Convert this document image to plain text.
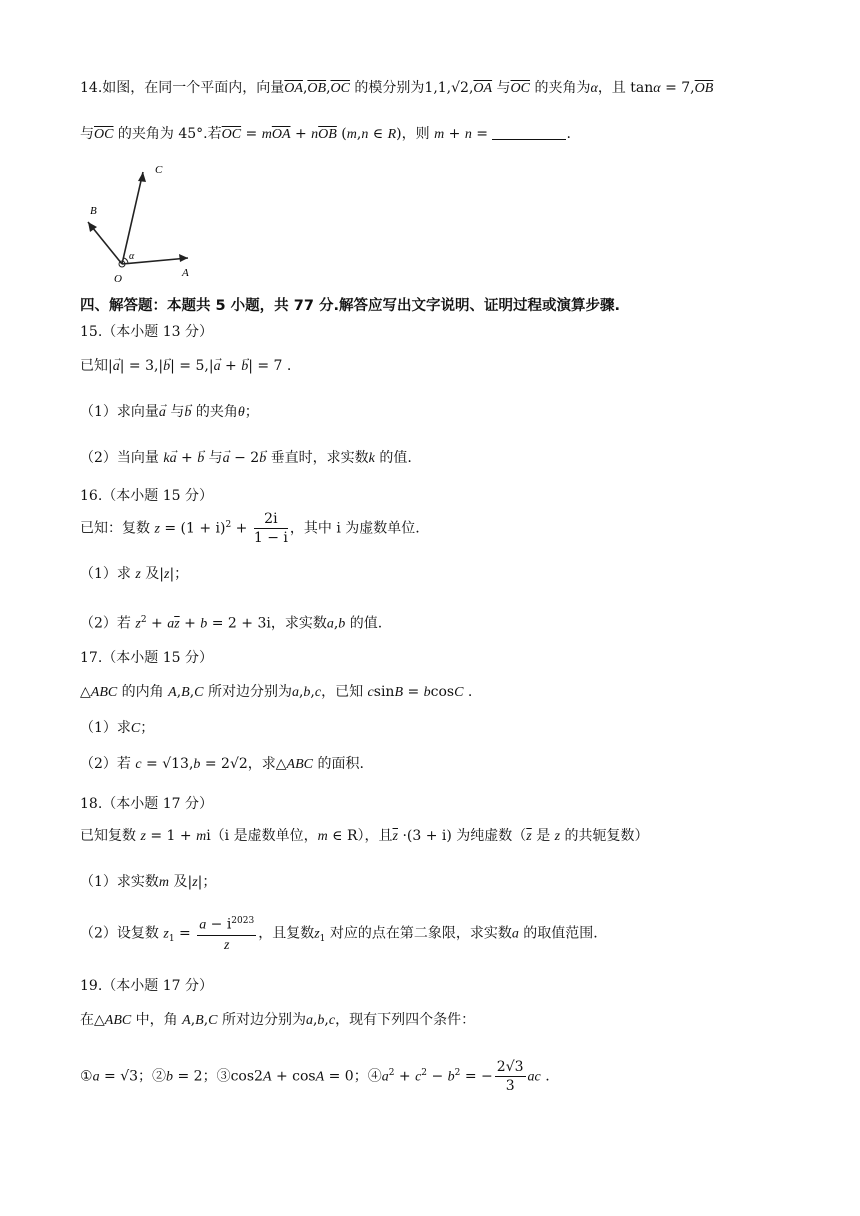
14.如图，在同一个平面内，向量$\overline{OA},\overline{OB},\overline{OC}$ 的模分别为$1,1,√2,\overline{OA}$ 与$\overline{OC}$ 的夹角为α，且 $\tan\alpha = 7,\overline{OB}$
与$\overline{OC}$ 的夹角为 45°.若$\overline{OC} = m\overline{OA} + n\overline{OB}$ (m,n ∈ R)，则 m + n =	.
O	A
B
C
α
四、解答题：本题共 5 小题，共 77 分.解答应写出文字说明、证明过程或演算步骤.
15.（本小题 13 分）
已知|→ a| = 3,|→ b| = 5,|→ a + → b| = 7 .
（1）求向量→ a 与→ b 的夹角θ；
（2）当向量 k→ a + → b 与→ a − 2→ b 垂直时，求实数k 的值.
16.（本小题 15 分）
已知：复数 $z = (1 + i)^2 + \frac{2i}{1 - i}$ ，其中 i 为虚数单位.
（1）求 z 及|z|；
（2）若 $z^2 + a\overline{z} + b = 2 + 3i$，求实数a,b 的值.
17.（本小题 15 分）
△ABC 的内角 A,B,C 所对边分别为a,b,c，已知 csinB = bcosC .
（1）求C；
（2）若 c = √13,b = 2√2，求△ABC 的面积.
18.（本小题 17 分）
已知复数 z = 1 + mi（i 是虚数单位，m ∈ R），且$\overline{z} \cdot(3 + i)$ 为纯虚数（$\overline{z}$ 是 z 的共轭复数）
（1）求实数m 及|z|；
（2）设复数 $z_1 = \frac{a - i^{2023}}{z}$ ，且复数$z_1$ 对应的点在第二象限，求实数a 的取值范围.
19.（本小题 17 分）
在△ABC 中，角 A,B,C 所对边分别为a,b,c，现有下列四个条件：
①a = √3；②b = 2；③cos2A + cosA = 0；$④a^2 + c^2 - b^2$ = − $\frac{2√3}{3}$ ac .
